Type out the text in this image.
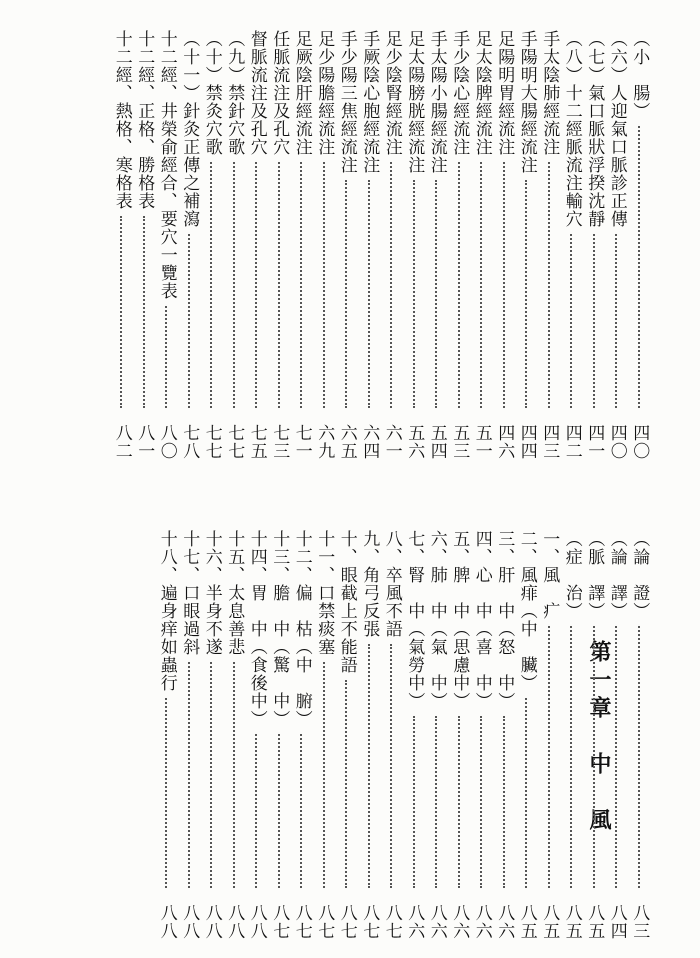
（小　腸）
四〇
（六）人迎氣口脈診正傳
四〇
（七）氣口脈狀浮揆沈靜
四一
（八）十二經脈流注輸穴
四二
手太陰肺經流注
四三
手陽明大腸經流注
四四
足陽明胃經流注
四六
足太陰脾經流注
五一
手少陰心經流注
五三
手太陽小腸經流注
五四
足太陽膀胱經流注
五六
足少陰腎經流注
六一
手厥陰心胞經流注
六四
手少陽三焦經流注
六五
足少陽膽經流注
六九
足厥陰肝經流注
七一
任脈流注及孔穴
七三
督脈流注及孔穴
七五
（九）禁針穴歌
七七
（十）禁灸穴歌
七七
（十一）針灸正傳之補瀉
七八
十二經、井榮俞經合、要穴一覽表
八〇
十二經、正格、勝格表
八一
十二經、熱格、寒格表
八二
第一章　中　風
（論　證）
八三
（論　譯）
八四
（脈　譯）
八五
（症　治）
八五
一、風　疒
八五
二、風痱（中　臟）
八五
三、肝　中（怒　中）
八六
四、心　中（喜　中）
八六
五、脾　中（思慮中）
八六
六、肺　中（氣　中）
八六
七、腎　中（氣勞中）
八六
八、卒風不語
八七
九、角弓反張
八七
十、眼截上不能語
八七
十一、口禁痰塞
八七
十二、偏　枯（中　腑）
八七
十三、膽　中（驚　中）
八七
十四、胃　中（食後中）
八八
十五、太息善悲
八八
十六、半身不遂
八八
十七、口眼過斜
八八
十八、遍身痒如蟲行
八八
